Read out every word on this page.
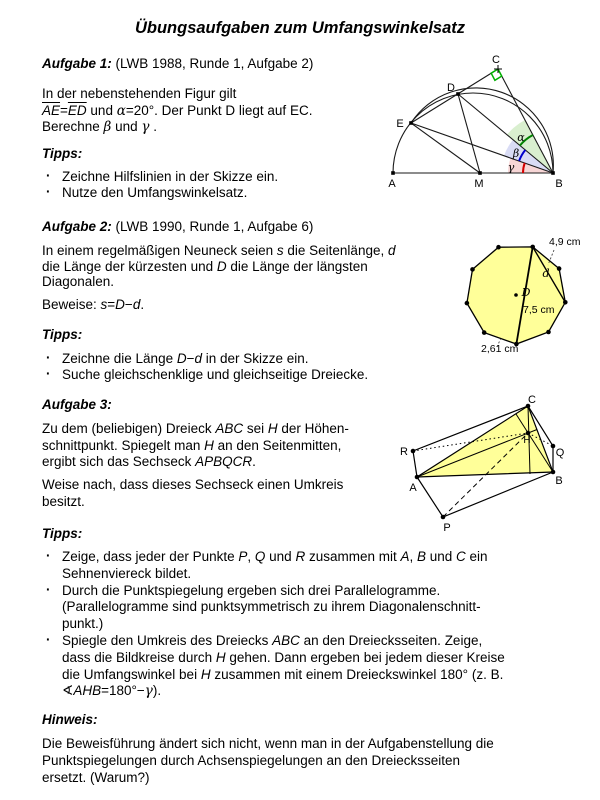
Übungsaufgaben zum Umfangswinkelsatz
Aufgabe 1: (LWB 1988, Runde 1, Aufgabe 2)
In der nebenstehenden Figur gilt
$\overline{AE}=\overline{ED}$ und α=20°. Der Punkt D liegt auf EC.
Berechne β und γ .
Tipps:
· Zeichne Hilfslinien in der Skizze ein.
· Nutze den Umfangswinkelsatz.
Aufgabe 2: (LWB 1990, Runde 1, Aufgabe 6)
In einem regelmäßigen Neuneck seien s die Seitenlänge, d
die Länge der kürzesten und D die Länge der längsten
Diagonalen.
Beweise: s=D−d.
Tipps:
· Zeichne die Länge D−d in der Skizze ein.
· Suche gleichschenklige und gleichseitige Dreiecke.
Aufgabe 3:
Zu dem (beliebigen) Dreieck ABC sei H der Höhen-
schnittpunkt. Spiegelt man H an den Seitenmitten,
ergibt sich das Sechseck APBQCR.
Weise nach, dass dieses Sechseck einen Umkreis
besitzt.
Tipps:
· Zeige, dass jeder der Punkte P, Q und R zusammen mit A, B und C ein
Sehnenviereck bildet.
· Durch die Punktspiegelung ergeben sich drei Parallelogramme.
(Parallelogramme sind punktsymmetrisch zu ihrem Diagonalenschnitt-
punkt.)
· Spiegle den Umkreis des Dreiecks ABC an den Dreiecksseiten. Zeige,
dass die Bildkreise durch H gehen. Dann ergeben bei jedem dieser Kreise
die Umfangswinkel bei H zusammen mit einem Dreieckswinkel 180° (z. B.
∢AHB=180°−γ).
Hinweis:
Die Beweisführung ändert sich nicht, wenn man in der Aufgabenstellung die
Punktspiegelungen durch Achsenspiegelungen an den Dreiecksseiten
ersetzt. (Warum?)
A	M	B
E
D
C
α
β
γ
4,9 cm
d
D
7,5 cm
2,61 cm
C
R
A
P
B
Q
H
